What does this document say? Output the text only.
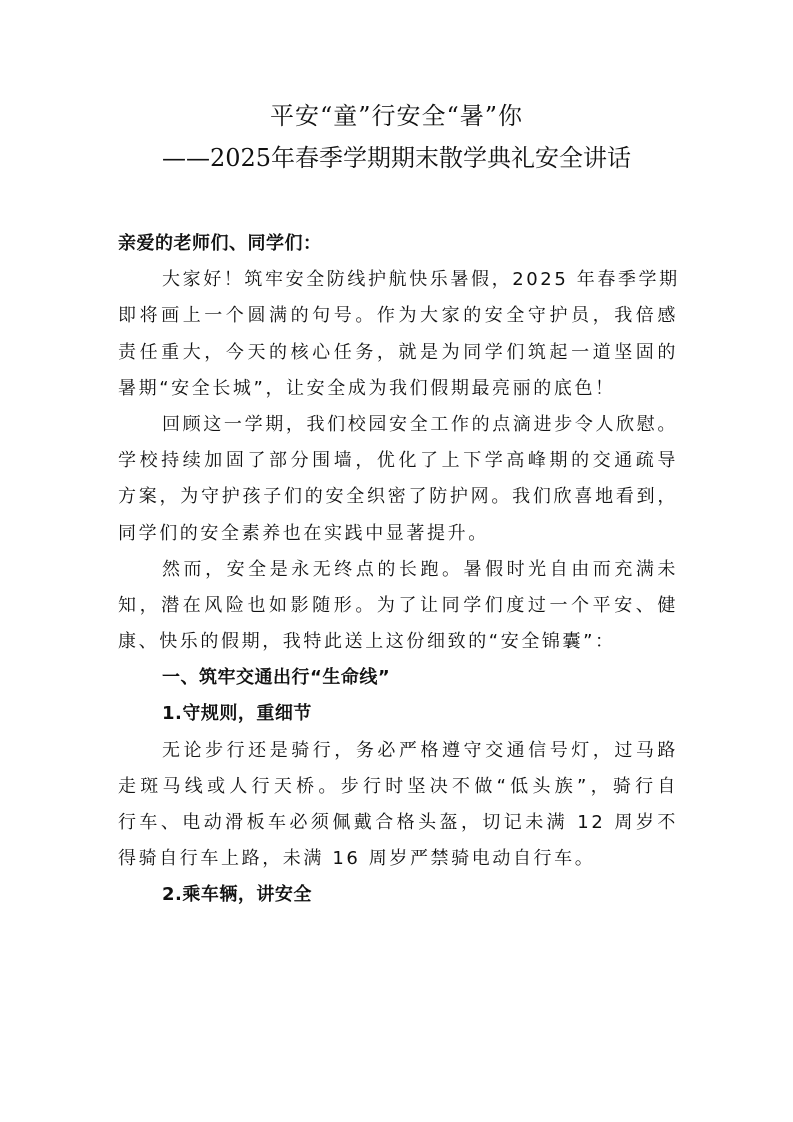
平安“童”行安全“暑”你
——2025年春季学期期末散学典礼安全讲话
亲爱的老师们、同学们：
大家好！筑牢安全防线护航快乐暑假，2025 年春季学期
即将画上一个圆满的句号。作为大家的安全守护员，我倍感
责任重大，今天的核心任务，就是为同学们筑起一道坚固的
暑期“安全长城”，让安全成为我们假期最亮丽的底色！
回顾这一学期，我们校园安全工作的点滴进步令人欣慰。
学校持续加固了部分围墙，优化了上下学高峰期的交通疏导
方案，为守护孩子们的安全织密了防护网。我们欣喜地看到，
同学们的安全素养也在实践中显著提升。
然而，安全是永无终点的长跑。暑假时光自由而充满未
知，潜在风险也如影随形。为了让同学们度过一个平安、健
康、快乐的假期，我特此送上这份细致的“安全锦囊”：
一、筑牢交通出行“生命线”
1.守规则，重细节
无论步行还是骑行，务必严格遵守交通信号灯，过马路
走斑马线或人行天桥。步行时坚决不做“低头族”，骑行自
行车、电动滑板车必须佩戴合格头盔，切记未满 12 周岁不
得骑自行车上路，未满 16 周岁严禁骑电动自行车。
2.乘车辆，讲安全
